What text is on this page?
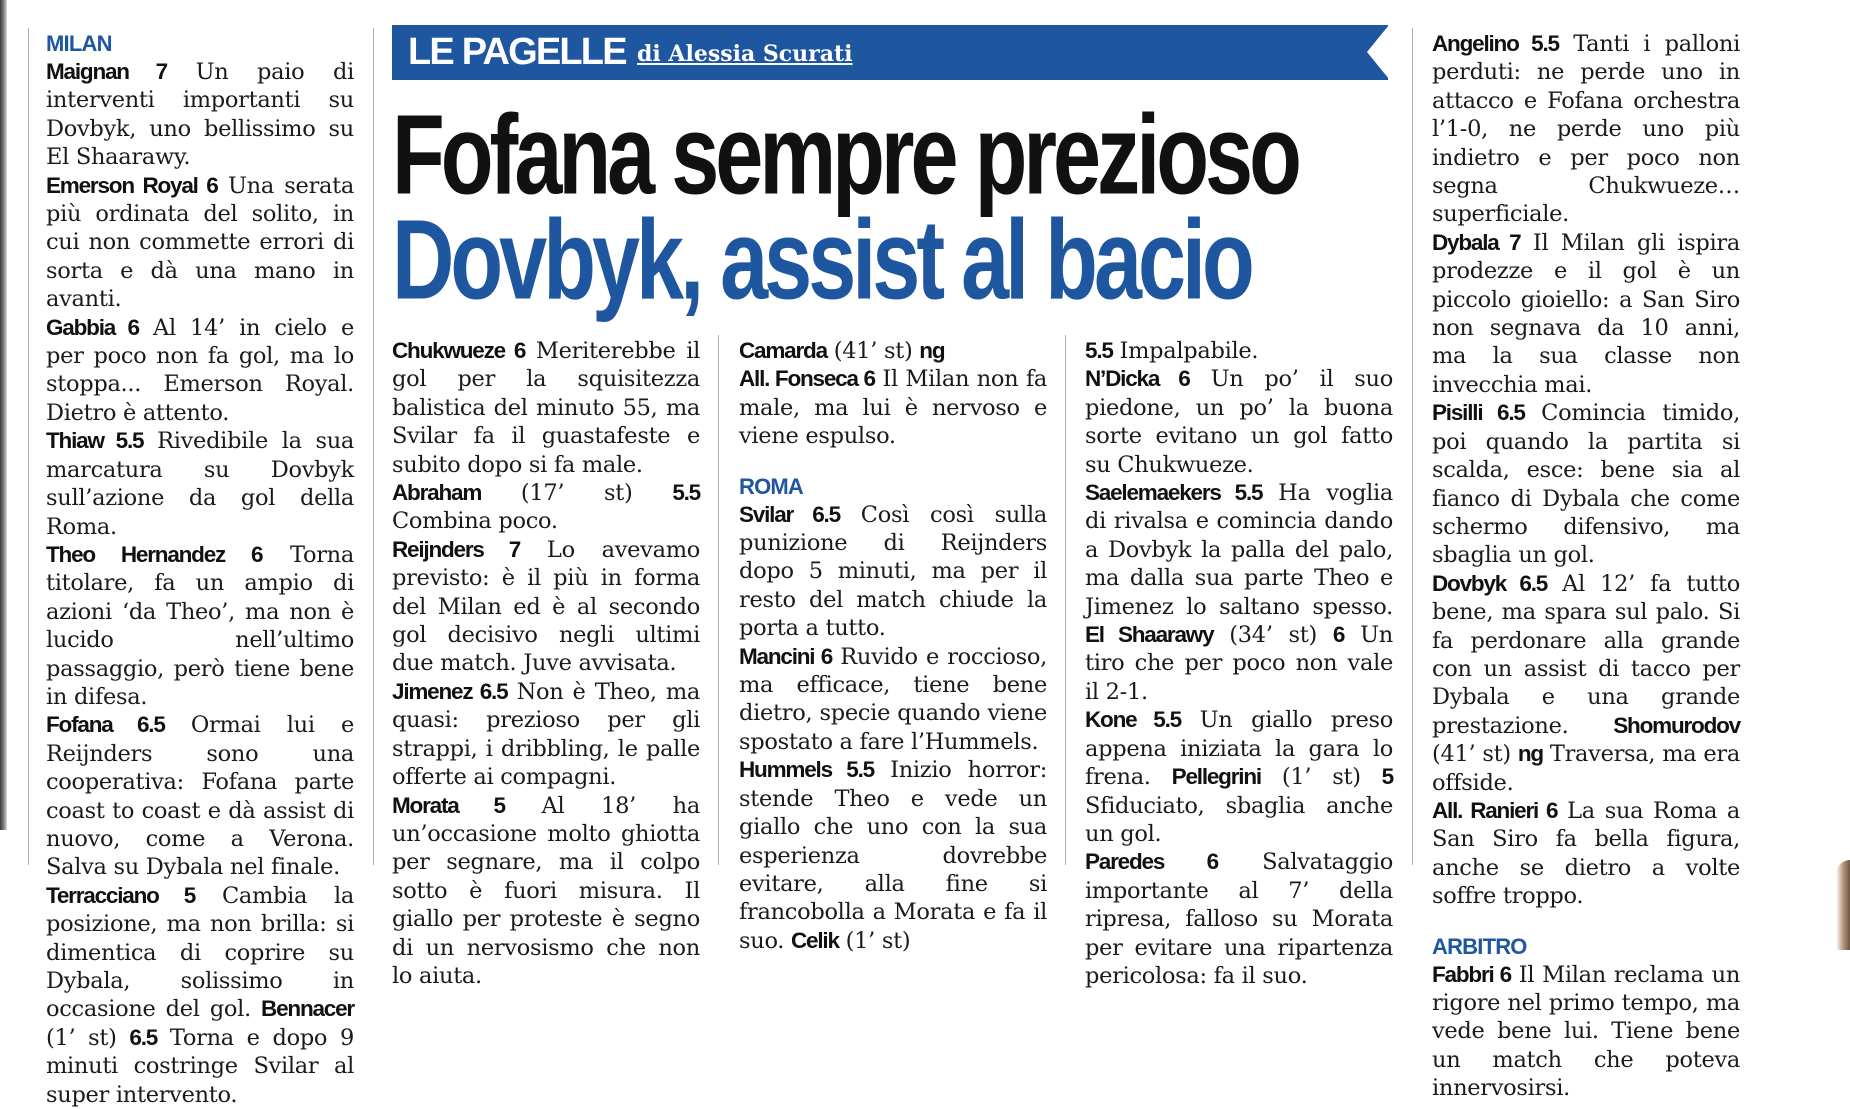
LE PAGELLE di Alessia Scurati
Fofana sempre prezioso
Dovbyk, assist al bacio
MILAN

Maignan 7 Un paio di interventi importanti su Dovbyk, uno bellissimo su El Shaarawy.

Emerson Royal 6 Una serata più ordinata del solito, in cui non commette errori di sorta e dà una mano in avanti.

Gabbia 6 Al 14’ in cielo e per poco non fa gol, ma lo stoppa... Emerson Royal. Dietro è attento.

Thiaw 5.5 Rivedibile la sua marcatura su Dovbyk sull’azione da gol della Roma.

Theo Hernandez 6 Torna titolare, fa un ampio di azioni ‘da Theo’, ma non è lucido nell’ultimo passaggio, però tiene bene in difesa.

Fofana 6.5 Ormai lui e Reijnders sono una cooperativa: Fofana parte coast to coast e dà assist di nuovo, come a Verona. Salva su Dybala nel finale.

Terracciano 5 Cambia la posizione, ma non brilla: si dimentica di coprire su Dybala, solissimo in occasione del gol. Bennacer (1’ st) 6.5 Torna e dopo 9 minuti costringe Svilar al super intervento.

Chukwueze 6 Meriterebbe il gol per la squisitezza balistica del minuto 55, ma Svilar fa il guastafeste e subito dopo si fa male.

Abraham (17’ st) 5.5 Combina poco.

Reijnders 7 Lo avevamo previsto: è il più in forma del Milan ed è al secondo gol decisivo negli ultimi due match. Juve avvisata.

Jimenez 6.5 Non è Theo, ma quasi: prezioso per gli strappi, i dribbling, le palle offerte ai compagni.

Morata 5 Al 18’ ha un’occasione molto ghiotta per segnare, ma il colpo sotto è fuori misura. Il giallo per proteste è segno di un nervosismo che non lo aiuta.

Camarda (41’ st) ng

All. Fonseca 6 Il Milan non fa male, ma lui è nervoso e viene espulso.

ROMA

Svilar 6.5 Così così sulla punizione di Reijnders dopo 5 minuti, ma per il resto del match chiude la porta a tutto.

Mancini 6 Ruvido e roccioso, ma efficace, tiene bene dietro, specie quando viene spostato a fare l’Hummels.

Hummels 5.5 Inizio horror: stende Theo e vede un giallo che uno con la sua esperienza dovrebbe evitare, alla fine si francobolla a Morata e fa il suo. Celik (1’ st)

5.5 Impalpabile.

N’Dicka 6 Un po’ il suo piedone, un po’ la buona sorte evitano un gol fatto su Chukwueze.

Saelemaekers 5.5 Ha voglia di rivalsa e comincia dando a Dovbyk la palla del palo, ma dalla sua parte Theo e Jimenez lo saltano spesso. El Shaarawy (34’ st) 6 Un tiro che per poco non vale il 2-1.

Kone 5.5 Un giallo preso appena iniziata la gara lo frena. Pellegrini (1’ st) 5 Sfiduciato, sbaglia anche un gol.

Paredes 6 Salvataggio importante al 7’ della ripresa, falloso su Morata per evitare una ripartenza pericolosa: fa il suo.

Angelino 5.5 Tanti i palloni perduti: ne perde uno in attacco e Fofana orchestra l’1-0, ne perde uno più indietro e per poco non segna Chukwueze… superficiale.

Dybala 7 Il Milan gli ispira prodezze e il gol è un piccolo gioiello: a San Siro non segnava da 10 anni, ma la sua classe non invecchia mai.

Pisilli 6.5 Comincia timido, poi quando la partita si scalda, esce: bene sia al fianco di Dybala che come schermo difensivo, ma sbaglia un gol.

Dovbyk 6.5 Al 12’ fa tutto bene, ma spara sul palo. Si fa perdonare alla grande con un assist di tacco per Dybala e una grande prestazione. Shomurodov (41’ st) ng Traversa, ma era offside.

All. Ranieri 6 La sua Roma a San Siro fa bella figura, anche se dietro a volte soffre troppo.

ARBITRO

Fabbri 6 Il Milan reclama un rigore nel primo tempo, ma vede bene lui. Tiene bene un match che poteva innervosirsi.
